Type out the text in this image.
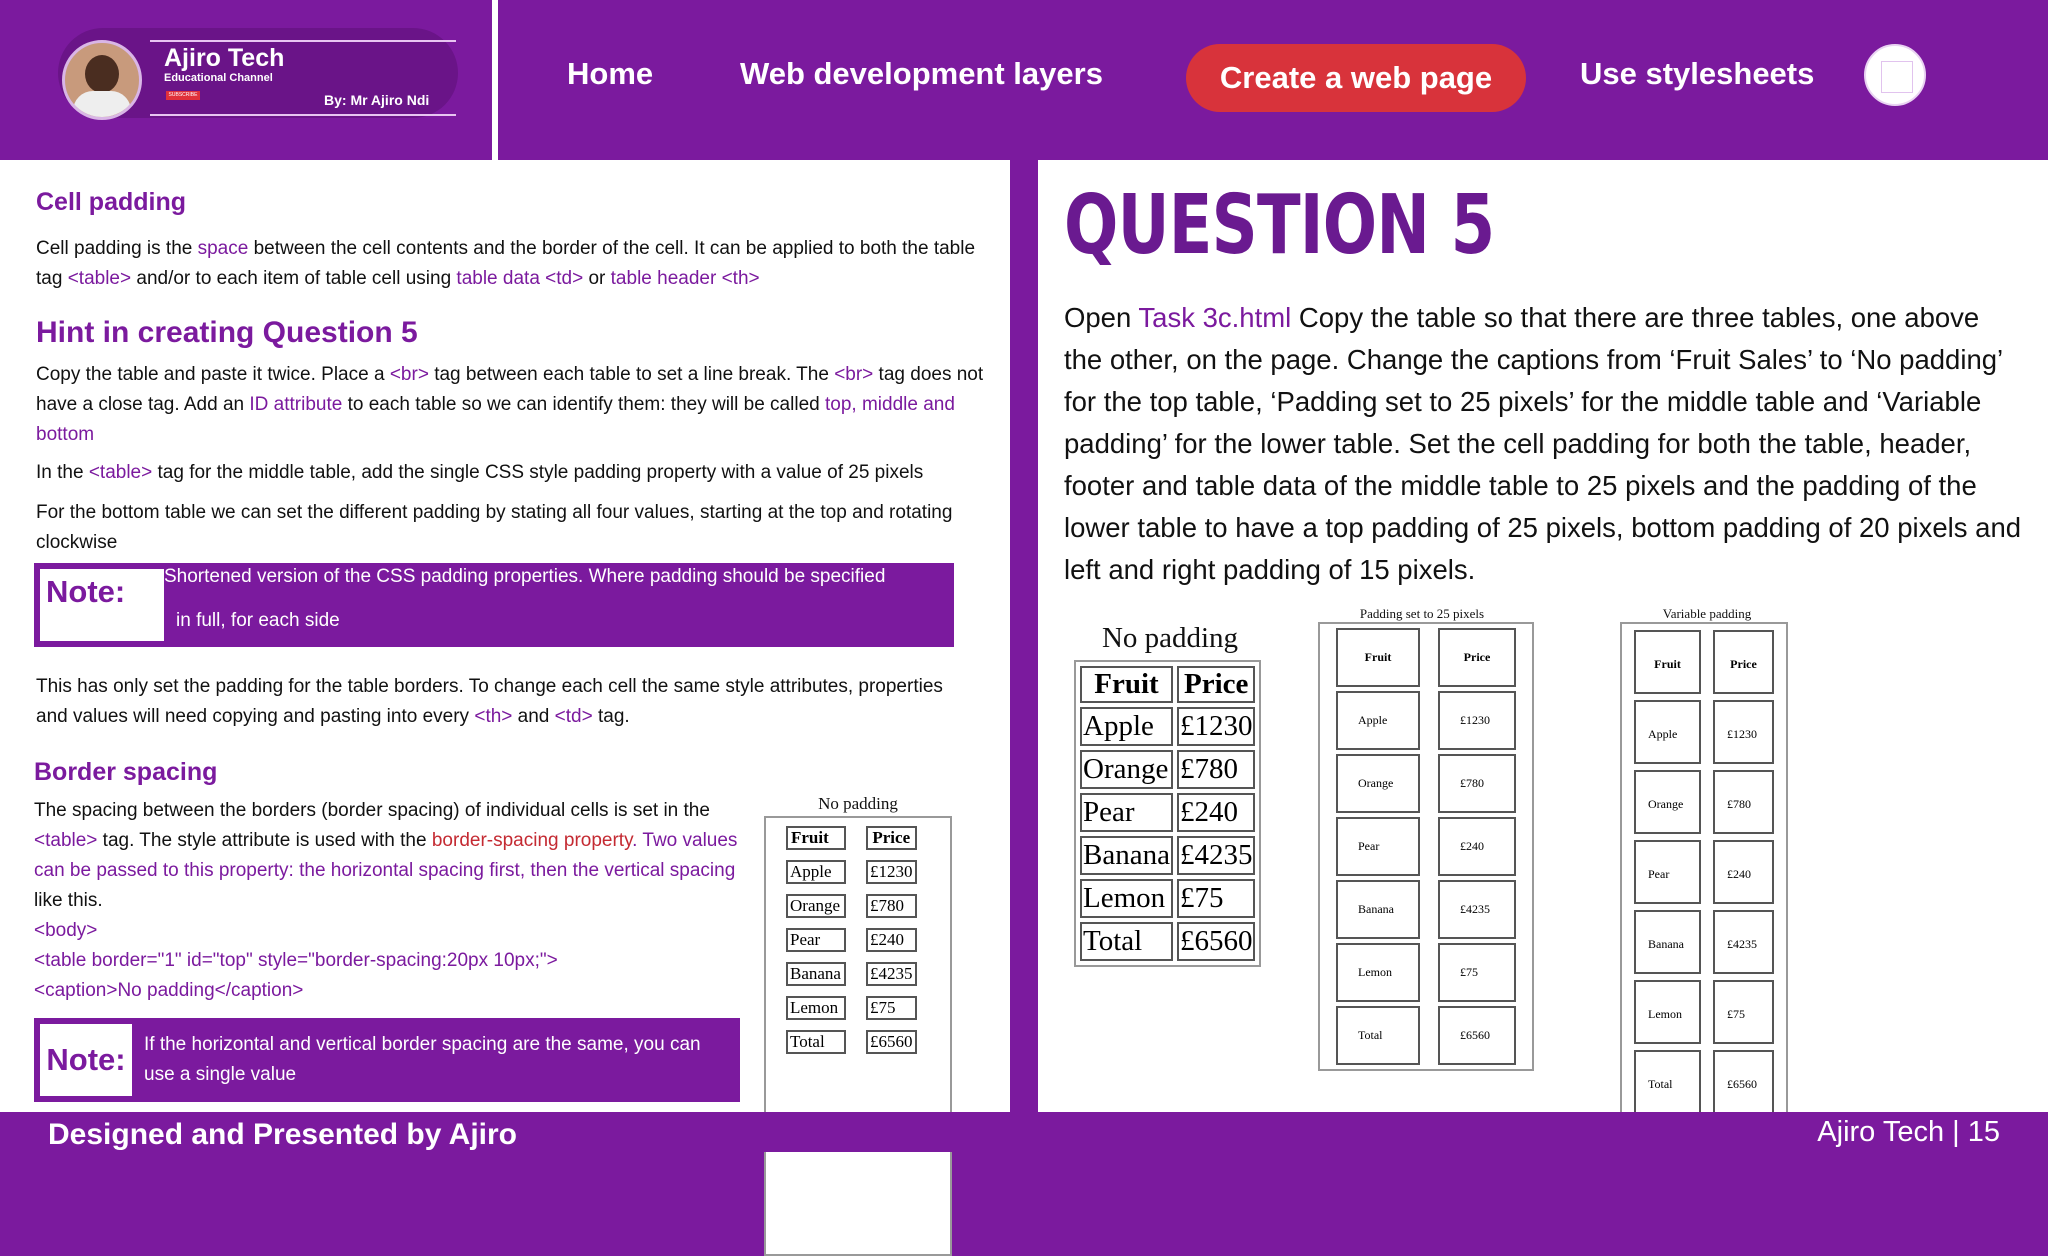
Ajiro Tech
Educational Channel
SUBSCRIBE	By: Mr Ajiro Ndi
Home	Web development layers	Create a web page	Use stylesheets
Cell padding
Cell padding is the space between the cell contents and the border of the cell. It can be applied to both the table tag <table> and/or to each item of table cell using table data <td> or table header <th>
Hint in creating Question 5
Copy the table and paste it twice. Place a <br> tag between each table to set a line break. The <br> tag does not have a close tag. Add an ID attribute to each table so we can identify them: they will be called top, middle and bottom
In the <table> tag for the middle table, add the single CSS style padding property with a value of 25 pixels
For the bottom table we can set the different padding by stating all four values, starting at the top and rotating clockwise
Note:	Shortened version of the CSS padding properties. Where padding should be specified
in full, for each side
This has only set the padding for the table borders. To change each cell the same style attributes, properties and values will need copying and pasting into every <th> and <td> tag.
Border spacing
The spacing between the borders (border spacing) of individual cells is set in the <table> tag. The style attribute is used with the border-spacing property. Two values can be passed to this property: the horizontal spacing first, then the vertical spacing like this.
<body>
<table border="1" id="top" style="border-spacing:20px 10px;">
<caption>No padding</caption>
Note: If the horizontal and vertical border spacing are the same, you can use a single value
No padding
Fruit	Price
Apple	£1230
Orange	£780
Pear	£240
Banana	£4235
Lemon	£75
Total	£6560
QUESTION 5
Open Task 3c.html Copy the table so that there are three tables, one above the other, on the page. Change the captions from ‘Fruit Sales’ to ‘No padding’ for the top table, ‘Padding set to 25 pixels’ for the middle table and ‘Variable padding’ for the lower table. Set the cell padding for both the table, header, footer and table data of the middle table to 25 pixels and the padding of the lower table to have a top padding of 25 pixels, bottom padding of 20 pixels and left and right padding of 15 pixels.
No padding
Fruit	Price
Apple	£1230
Orange	£780
Pear	£240
Banana	£4235
Lemon	£75
Total	£6560
Padding set to 25 pixels
Fruit	Price
Apple	£1230
Orange	£780
Pear	£240
Banana	£4235
Lemon	£75
Total	£6560
Variable padding
Fruit	Price
Apple	£1230
Orange	£780
Pear	£240
Banana	£4235
Lemon	£75
Total	£6560
Designed and Presented by Ajiro	Ajiro Tech | 15
